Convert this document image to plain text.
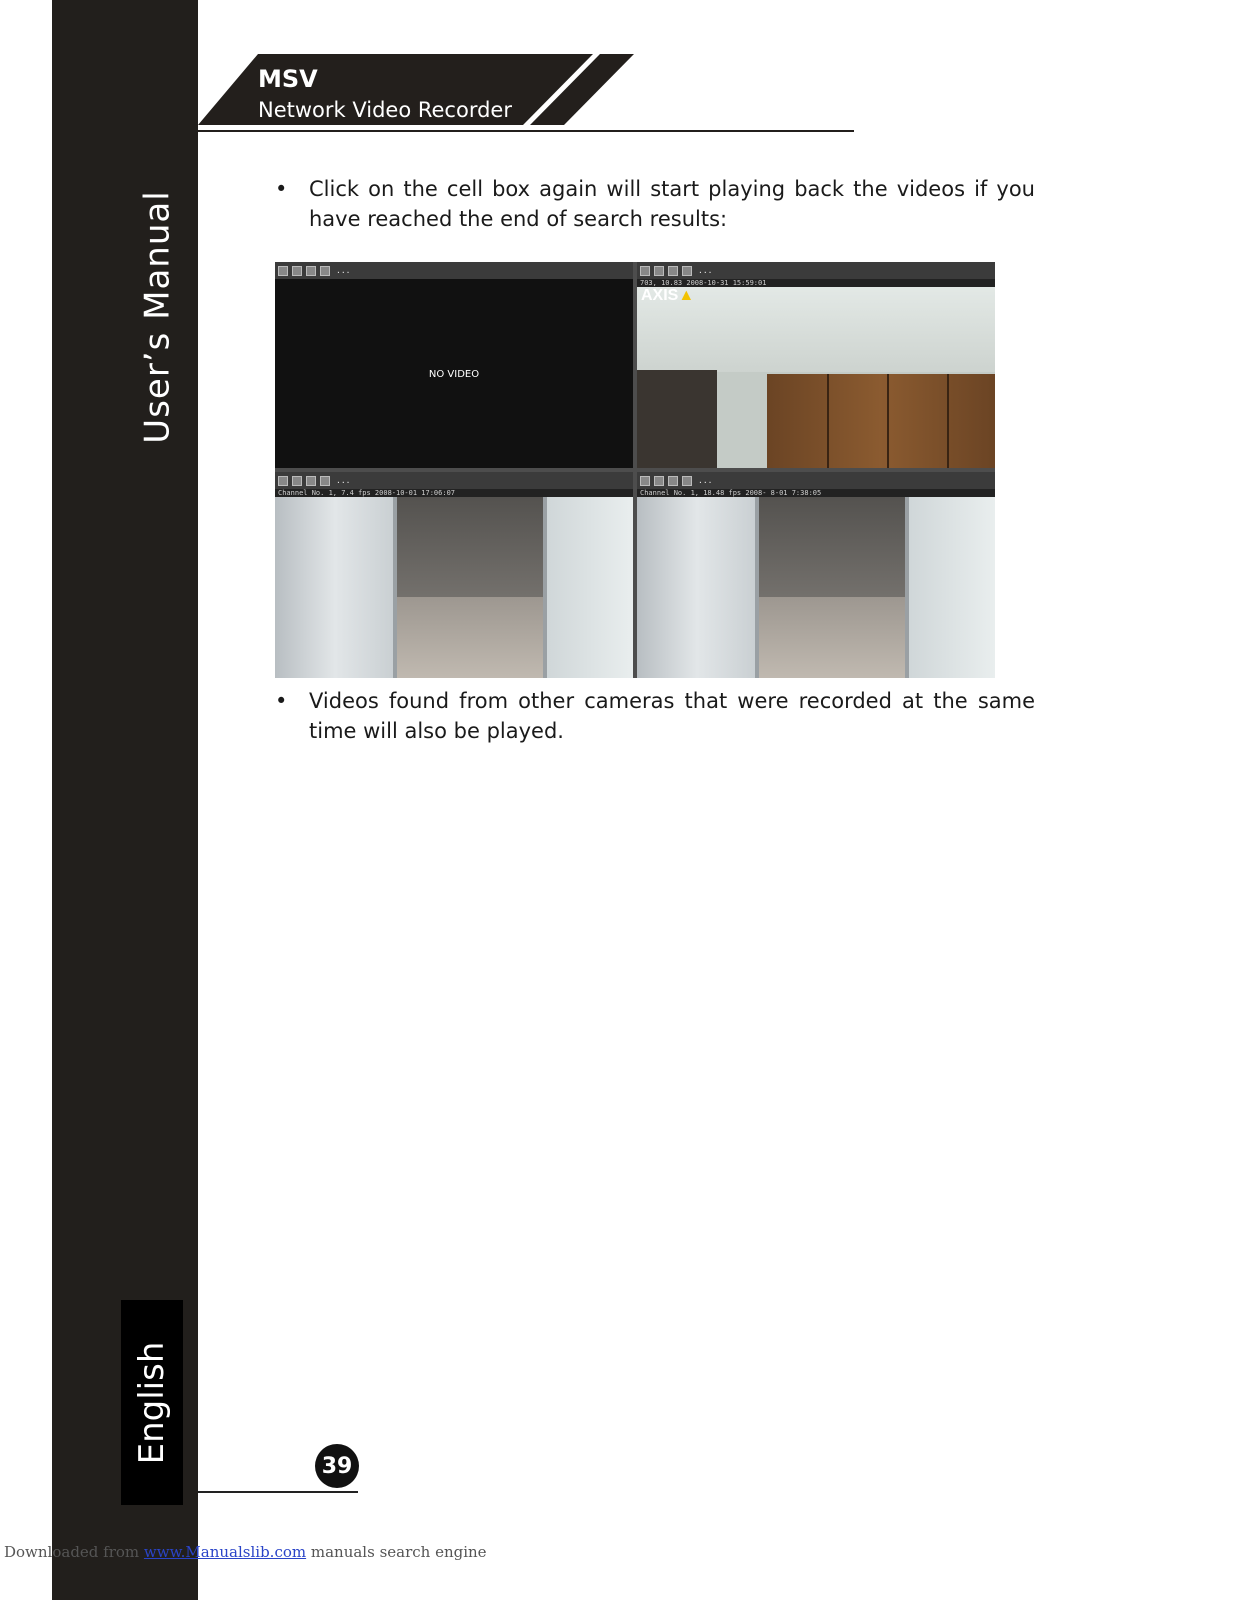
User’s Manual
English
MSV
Network Video Recorder
• Click on the cell box again will start playing back the videos if you have reached the end of search results:
...
NO VIDEO
...
703, 10.83 2008-10-31 15:59:01
AXIS▲
...
Channel No. 1, 7.4 fps 2008-10-01 17:06:07
...
Channel No. 1, 18.48 fps 2008- 8-01 7:38:05
• Videos found from other cameras that were recorded at the same time will also be played.
39
Downloaded from www.Manualslib.com manuals search engine
